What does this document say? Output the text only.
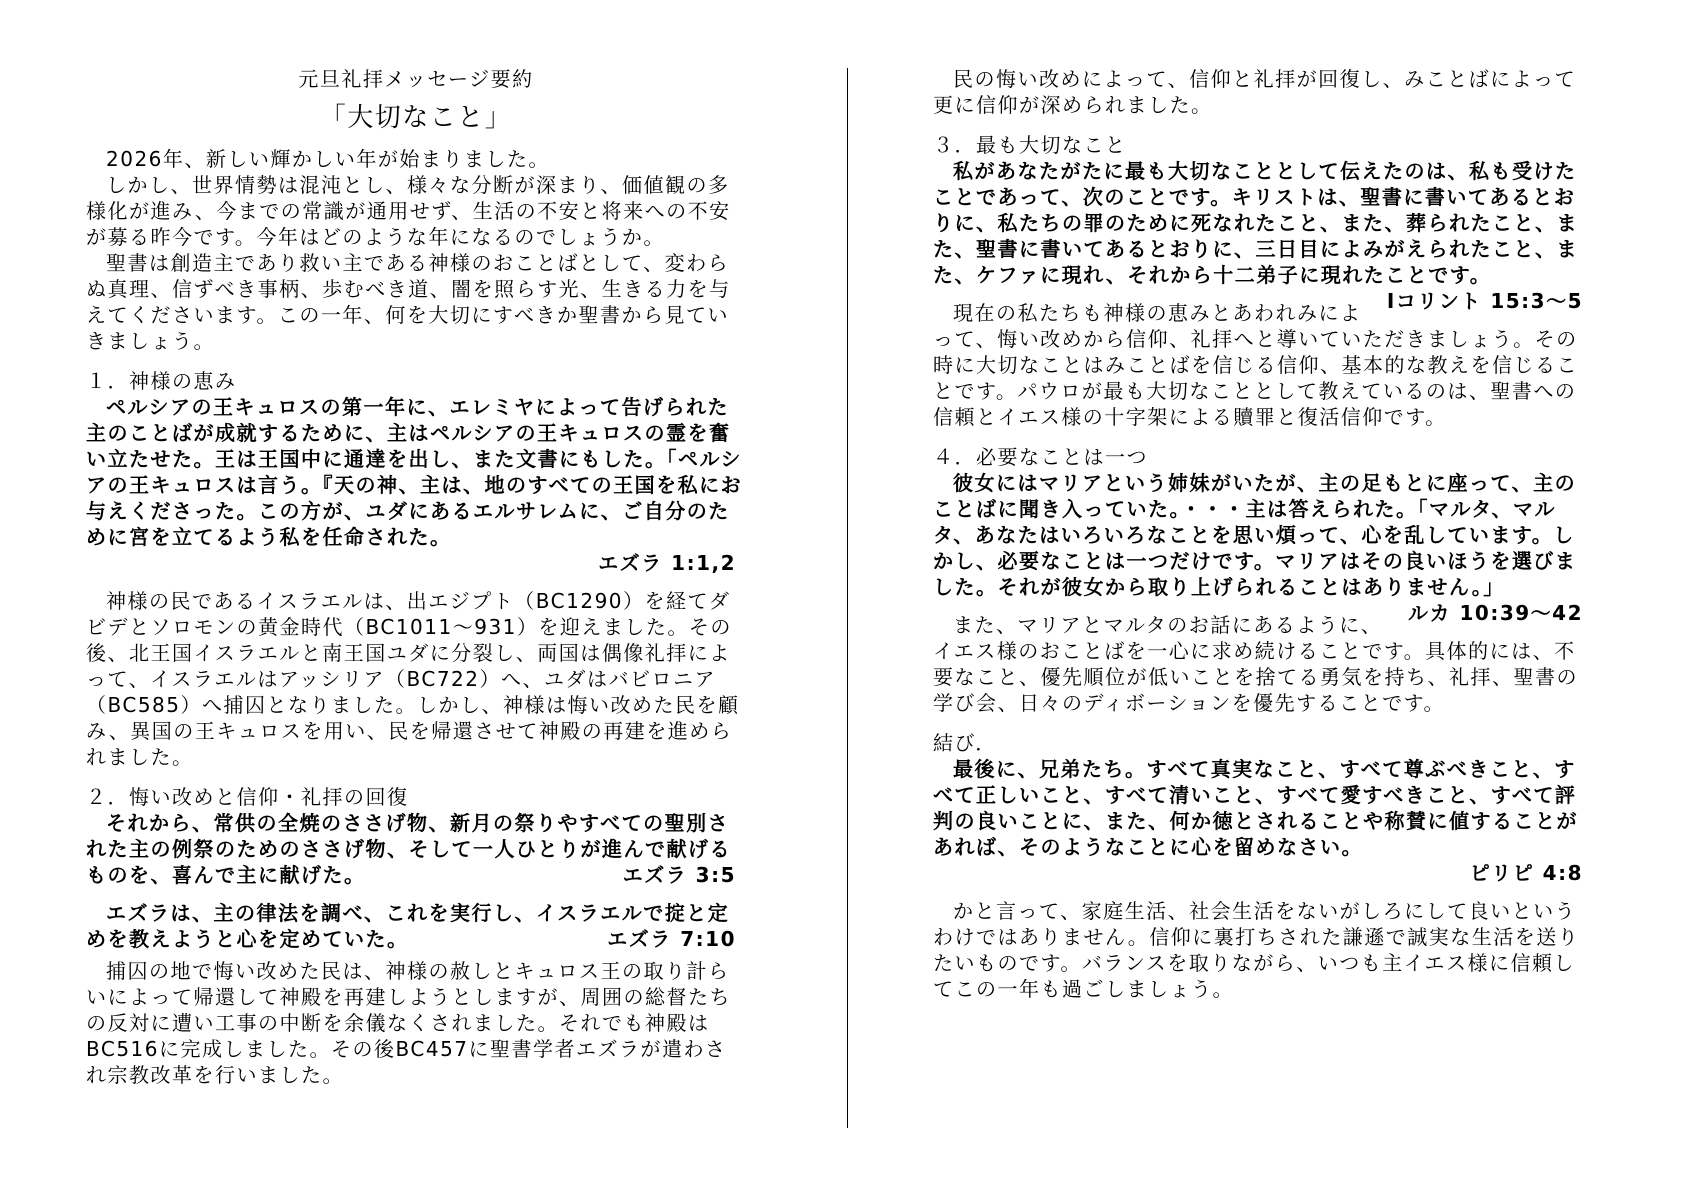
元旦礼拝メッセージ要約

「大切なこと」

2026年、新しい輝かしい年が始まりました。

しかし、世界情勢は混沌とし、様々な分断が深まり、価値観の多様化が進み、今までの常識が通用せず、生活の不安と将来への不安が募る昨今です。今年はどのような年になるのでしょうか。

聖書は創造主であり救い主である神様のおことばとして、変わらぬ真理、信ずべき事柄、歩むべき道、闇を照らす光、生きる力を与えてくださいます。この一年、何を大切にすべきか聖書から見ていきましょう。

１．神様の恵み

ペルシアの王キュロスの第一年に、エレミヤによって告げられた主のことばが成就するために、主はペルシアの王キュロスの霊を奮い立たせた。王は王国中に通達を出し、また文書にもした。「ペルシアの王キュロスは言う。『天の神、主は、地のすべての王国を私にお与えくださった。この方が、ユダにあるエルサレムに、ご自分のために宮を立てるよう私を任命された。

エズラ 1:1,2

神様の民であるイスラエルは、出エジプト（BC1290）を経てダビデとソロモンの黄金時代（BC1011～931）を迎えました。その後、北王国イスラエルと南王国ユダに分裂し、両国は偶像礼拝によって、イスラエルはアッシリア（BC722）へ、ユダはバビロニア（BC585）へ捕囚となりました。しかし、神様は悔い改めた民を顧み、異国の王キュロスを用い、民を帰還させて神殿の再建を進められました。

２．悔い改めと信仰・礼拝の回復

それから、常供の全焼のささげ物、新月の祭りやすべての聖別された主の例祭のためのささげ物、そして一人ひとりが進んで献げるものを、喜んで主に献げた。	エズラ 3:5

エズラは、主の律法を調べ、これを実行し、イスラエルで掟と定めを教えようと心を定めていた。	エズラ 7:10

捕囚の地で悔い改めた民は、神様の赦しとキュロス王の取り計らいによって帰還して神殿を再建しようとしますが、周囲の総督たちの反対に遭い工事の中断を余儀なくされました。それでも神殿はBC516に完成しました。その後BC457に聖書学者エズラが遣わされ宗教改革を行いました。

民の悔い改めによって、信仰と礼拝が回復し、みことばによって更に信仰が深められました。

３．最も大切なこと

私があなたがたに最も大切なこととして伝えたのは、私も受けたことであって、次のことです。キリストは、聖書に書いてあるとおりに、私たちの罪のために死なれたこと、また、葬られたこと、また、聖書に書いてあるとおりに、三日目によみがえられたこと、また、ケファに現れ、それから十二弟子に現れたことです。
Ⅰコリント 15:3～5

現在の私たちも神様の恵みとあわれみによって、悔い改めから信仰、礼拝へと導いていただきましょう。その時に大切なことはみことばを信じる信仰、基本的な教えを信じることです。パウロが最も大切なこととして教えているのは、聖書への信頼とイエス様の十字架による贖罪と復活信仰です。

４．必要なことは一つ

彼女にはマリアという姉妹がいたが、主の足もとに座って、主のことばに聞き入っていた。・・・主は答えられた。「マルタ、マルタ、あなたはいろいろなことを思い煩って、心を乱しています。しかし、必要なことは一つだけです。マリアはその良いほうを選びました。それが彼女から取り上げられることはありません。」
ルカ 10:39～42

また、マリアとマルタのお話にあるように、イエス様のおことばを一心に求め続けることです。具体的には、不要なこと、優先順位が低いことを捨てる勇気を持ち、礼拝、聖書の学び会、日々のディボーションを優先することです。

結び．

最後に、兄弟たち。すべて真実なこと、すべて尊ぶべきこと、すべて正しいこと、すべて清いこと、すべて愛すべきこと、すべて評判の良いことに、また、何か徳とされることや称賛に値することがあれば、そのようなことに心を留めなさい。

ピリピ 4:8

かと言って、家庭生活、社会生活をないがしろにして良いというわけではありません。信仰に裏打ちされた謙遜で誠実な生活を送りたいものです。バランスを取りながら、いつも主イエス様に信頼してこの一年も過ごしましょう。
